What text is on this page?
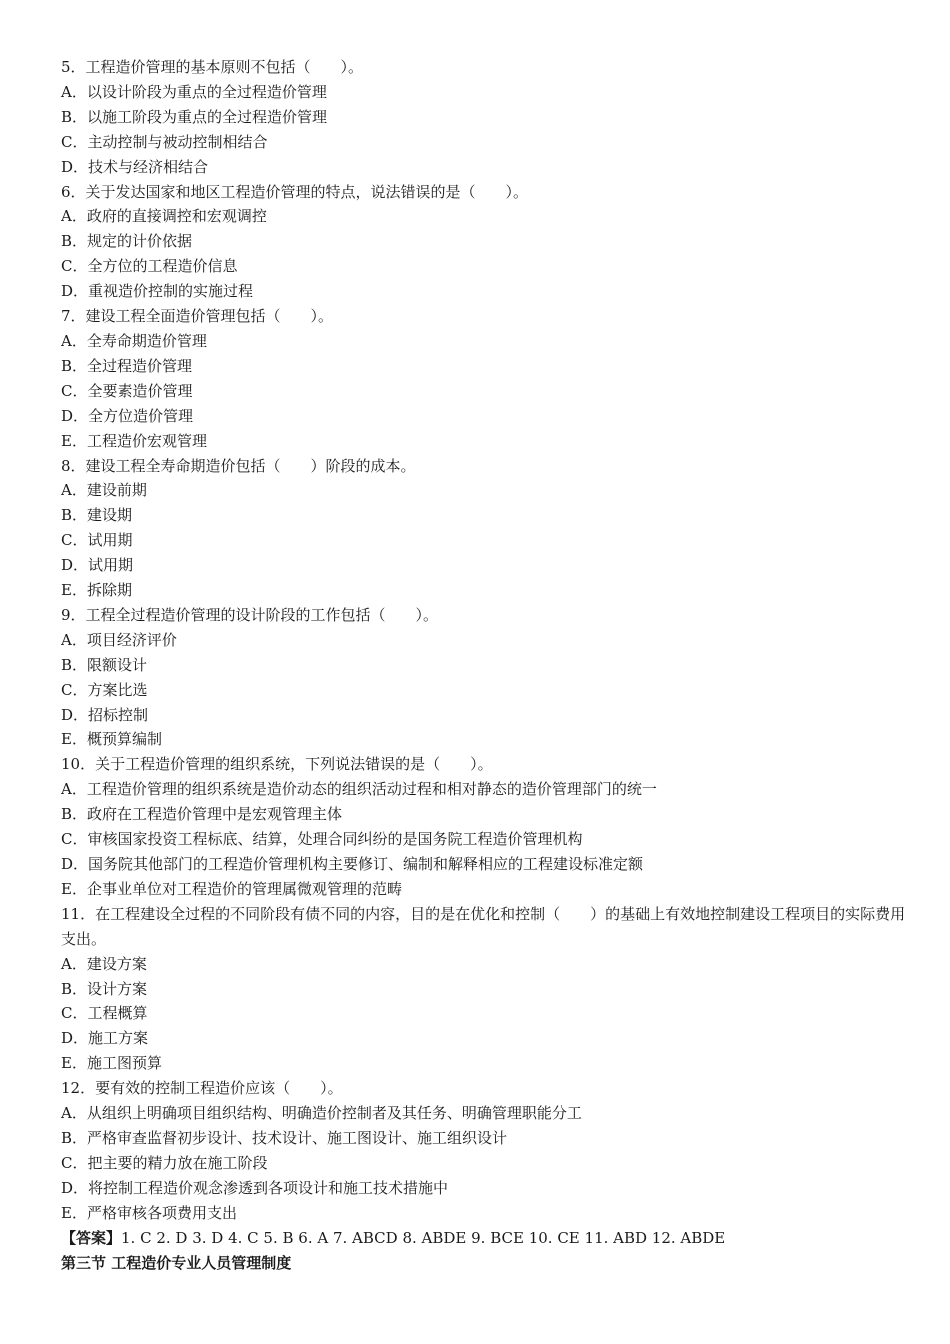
5．工程造价管理的基本原则不包括（　　）。
A．以设计阶段为重点的全过程造价管理
B．以施工阶段为重点的全过程造价管理
C．主动控制与被动控制相结合
D．技术与经济相结合
6．关于发达国家和地区工程造价管理的特点，说法错误的是（　　）。
A．政府的直接调控和宏观调控
B．规定的计价依据
C．全方位的工程造价信息
D．重视造价控制的实施过程
7．建设工程全面造价管理包括（　　）。
A．全寿命期造价管理
B．全过程造价管理
C．全要素造价管理
D．全方位造价管理
E．工程造价宏观管理
8．建设工程全寿命期造价包括（　　）阶段的成本。
A．建设前期
B．建设期
C．试用期
D．试用期
E．拆除期
9．工程全过程造价管理的设计阶段的工作包括（　　）。
A．项目经济评价
B．限额设计
C．方案比选
D．招标控制
E．概预算编制
10．关于工程造价管理的组织系统，下列说法错误的是（　　）。
A．工程造价管理的组织系统是造价动态的组织活动过程和相对静态的造价管理部门的统一
B．政府在工程造价管理中是宏观管理主体
C．审核国家投资工程标底、结算，处理合同纠纷的是国务院工程造价管理机构
D．国务院其他部门的工程造价管理机构主要修订、编制和解释相应的工程建设标准定额
E．企事业单位对工程造价的管理属微观管理的范畴
11．在工程建设全过程的不同阶段有债不同的内容，目的是在优化和控制（　　）的基础上有效地控制建设工程项目的实际费用支出。
A．建设方案
B．设计方案
C．工程概算
D．施工方案
E．施工图预算
12．要有效的控制工程造价应该（　　）。
A．从组织上明确项目组织结构、明确造价控制者及其任务、明确管理职能分工
B．严格审查监督初步设计、技术设计、施工图设计、施工组织设计
C．把主要的精力放在施工阶段
D．将控制工程造价观念渗透到各项设计和施工技术措施中
E．严格审核各项费用支出
【答案】1. C 2. D 3. D 4. C 5. B 6. A 7. ABCD 8. ABDE 9. BCE 10. CE 11. ABD 12. ABDE
第三节 工程造价专业人员管理制度
